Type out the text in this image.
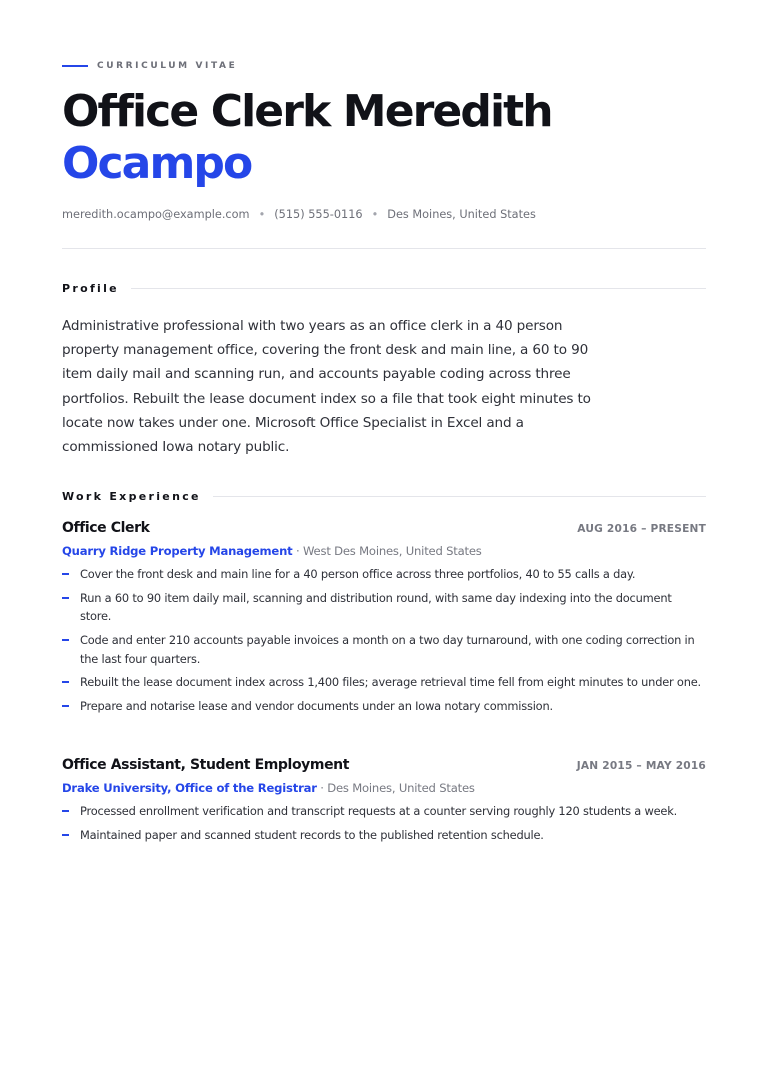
CURRICULUM VITAE
Office Clerk Meredith
Ocampo
meredith.ocampo@example.com • (515) 555-0116 • Des Moines, United States
Profile

Administrative professional with two years as an office clerk in a 40 person property management office, covering the front desk and main line, a 60 to 90 item daily mail and scanning run, and accounts payable coding across three portfolios. Rebuilt the lease document index so a file that took eight minutes to locate now takes under one. Microsoft Office Specialist in Excel and a commissioned Iowa notary public.

Work Experience
Office Clerk	AUG 2016 – PRESENT
Quarry Ridge Property Management · West Des Moines, United States
Cover the front desk and main line for a 40 person office across three portfolios, 40 to 55 calls a day.
Run a 60 to 90 item daily mail, scanning and distribution round, with same day indexing into the document store.
Code and enter 210 accounts payable invoices a month on a two day turnaround, with one coding correction in the last four quarters.
Rebuilt the lease document index across 1,400 files; average retrieval time fell from eight minutes to under one.
Prepare and notarise lease and vendor documents under an Iowa notary commission.
Office Assistant, Student Employment	JAN 2015 – MAY 2016
Drake University, Office of the Registrar · Des Moines, United States
Processed enrollment verification and transcript requests at a counter serving roughly 120 students a week.
Maintained paper and scanned student records to the published retention schedule.
